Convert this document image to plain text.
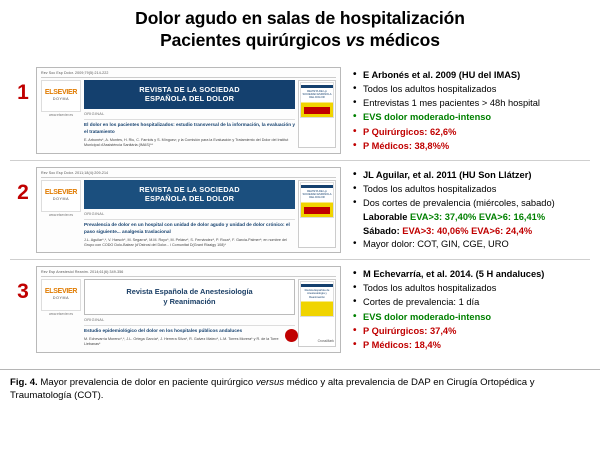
Dolor agudo en salas de hospitalización
Pacientes quirúrgicos vs médicos
1
Rev Soc Esp Dolor. 2009;79(5):214-222
ELSEVIER
DOYMA
www.elsevier.es
REVISTA DE LA SOCIEDAD
ESPAÑOLA DEL DOLOR
ORIGINAL
El dolor en los pacientes hospitalizados: estudio transversal de la información, la evaluación y el tratamiento
E. Arbonés*, A. Montes, H. Riu, C. Farriols y S. Mínguez; y la Comisión para la Evaluación y Tratamiento del Dolor del Institut Municipal d'Assistència Sanitària (IMAS)**
REVISTA DE LA SOCIEDAD ESPAÑOLA DEL DOLOR
• E Arbonés et al. 2009 (HU del IMAS)
• Todos los adultos hospitalizados
• Entrevistas 1 mes pacientes > 48h hospital
• EVS dolor moderado-intenso
• P Quirúrgicos: 62,6%
• P Médicos: 38,8%%
2
Rev Soc Esp Dolor. 2011;18(4):209-214
ELSEVIER
DOYMA
www.elsevier.es
REVISTA DE LA SOCIEDAD
ESPAÑOLA DEL DOLOR
ORIGINAL
Prevalencia de dolor en un hospital con unidad de dolor agudo y unidad de dolor crónico: el paso siguiente... analgesia traslacional
J.L. Aguilar*,*, V. Harsch*, M. Segarra*, M.M. Royo*, M. Peláez*, S. Fernández*, P. Roca*, F. Garcia-Palmer*; en nombre del Grupo con CODO Dolo-Balear (d'Ostrosi del Dolor... i Comunitat D(Grant Rizaigy 108)*
REVISTA DE LA SOCIEDAD ESPAÑOLA DEL DOLOR
• JL Aguilar, et al. 2011 (HU Son Llátzer)
• Todos los adultos hospitalizados
• Dos cortes de prevalencia (miércoles, sabado)
Laborable EVA>3: 37,40% EVA>6: 16,41%
Sábado: EVA>3: 40,06% EVA>6: 24,4%
• Mayor dolor: COT, GIN, CGE, URO
3
Rev Esp Anestesiol Reanim. 2014;61(6):349-356
ELSEVIER
DOYMA
www.elsevier.es
Revista Española de Anestesiología
y Reanimación
ORIGINAL
Estudio epidemiológico del dolor en los hospitales públicos andaluces
M. Echevarría Moreno*,*, J.L. Ortega García*, J. Herrera Silva*, R. Galvez Mateo*, L.M. Torres Morera* y R. de la Torre Liebanas*
Revista Española de Anestesiología y Reanimación
CrossMark
• M Echevarría, et al. 2014. (5 H andaluces)
• Todos los adultos hospitalizados
• Cortes de prevalencia: 1 día
• EVS dolor moderado-intenso
• P Quirúrgicos: 37,4%
• P Médicos: 18,4%
Fig. 4. Mayor prevalencia de dolor en paciente quirúrgico versus médico y alta prevalencia de DAP en Cirugía Ortopédica y Traumatología (COT).
